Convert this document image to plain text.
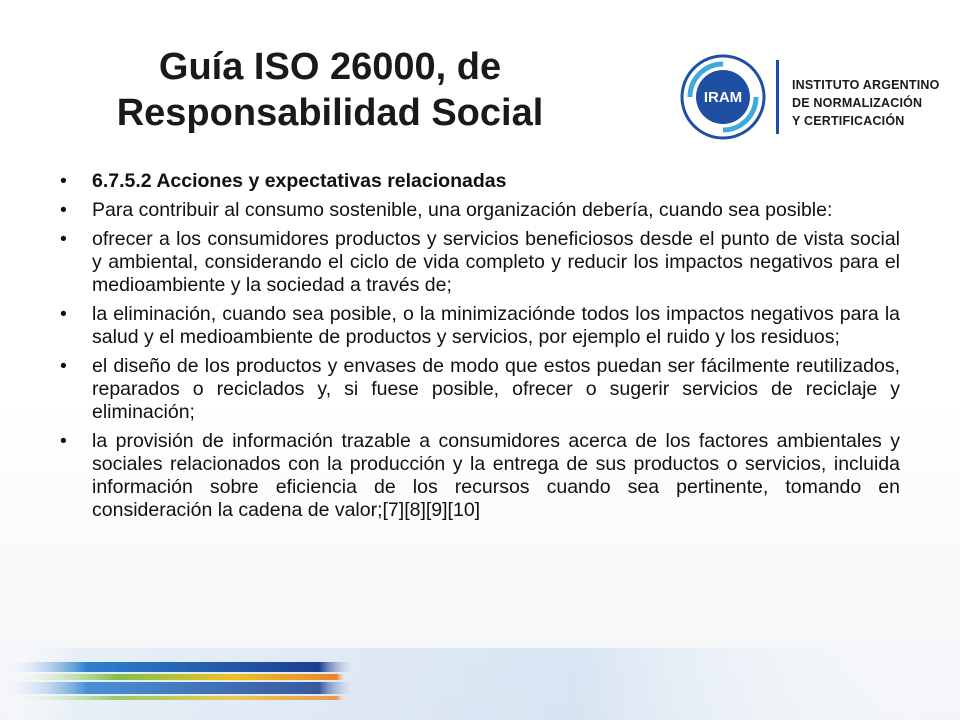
Guía ISO 26000, de
Responsabilidad Social	IRAM
INSTITUTO ARGENTINO
DE NORMALIZACIÓN
Y CERTIFICACIÓN
•	6.7.5.2 Acciones y expectativas relacionadas
•	Para contribuir al consumo sostenible, una organización debería, cuando sea posible:
•	ofrecer a los consumidores productos y servicios beneficiosos desde el punto de vista social y ambiental, considerando el ciclo de vida completo y reducir los impactos negativos para el medioambiente y la sociedad a través de;
•	la eliminación, cuando sea posible, o la minimizacióndе todos los impactos negativos para la salud y el medioambiente de productos y servicios, por ejemplo el ruido y los residuos;
•	el diseño de los productos y envases de modo que estos puedan ser fácilmente reutilizados, reparados o reciclados y, si fuese posible, ofrecer o sugerir servicios de reciclaje y eliminación;
•	la provisión de información trazable a consumidores acerca de los factores ambientales y sociales relacionados con la producción y la entrega de sus productos o servicios, incluida información sobre eficiencia de los recursos cuando sea pertinente, tomando en consideración la cadena de valor;[7][8][9][10]
